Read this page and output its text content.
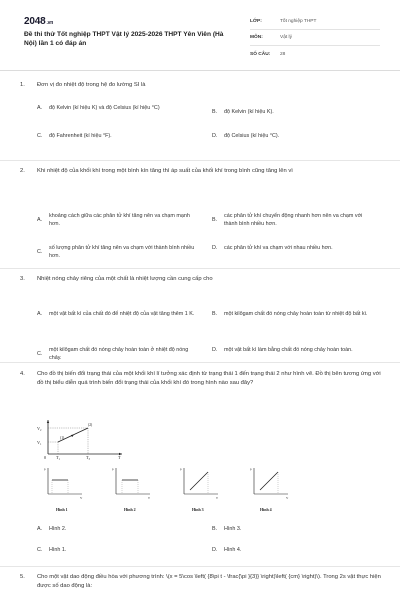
2048.vn
Đề thi thử Tốt nghiệp THPT Vật lý 2025-2026 THPT Yên Viên (Hà Nội) lần 1 có đáp án
LỚP:	Tốt nghiệp THPT
MÔN:	Vật lý
SỐ CÂU:	28
1.	Đơn vị đo nhiệt độ trong hệ đo lường SI là
A.	độ Kelvin (kí hiệu K) và độ Celsius (kí hiệu °C)
B.	độ Kelvin (kí hiệu K).
C.	độ Fahrenheit (kí hiệu °F).	D.	độ Celsius (kí hiệu °C).
2.	Khi nhiệt độ của khối khí trong một bình kín tăng thì áp suất của khối khí trong bình cũng tăng lên vì
A.
khoảng cách giữa các phân tử khí tăng nên va chạm mạnh hơn.
B.
các phân tử khí chuyển động nhanh hơn nên va chạm với thành bình nhiều hơn.
C.
số lượng phân tử khí tăng nên va chạm với thành bình nhiều hơn.
D.	các phân tử khí va chạm với nhau nhiều hơn.
3.	Nhiệt nóng chảy riêng của một chất là nhiệt lượng cần cung cấp cho
A.	một vật bất kì của chất đó để nhiệt độ của vật tăng thêm 1 K.	B.	một kilôgam chất đó nóng chảy hoàn toàn từ nhiệt độ bất kì.
C.
một kilôgam chất đó nóng chảy hoàn toàn ở nhiệt độ nóng chảy.
D.	một vật bất kì làm bằng chất đó nóng chảy hoàn toàn.
4.	Cho đồ thị biến đổi trạng thái của một khối khí lí tưởng xác định từ trạng thái 1 đến trạng thái 2 như hình vẽ. Đồ thị bên tương ứng với đồ thị biểu diễn quá trình biến đổi trạng thái của khối khí đó trong hình nào sau đây?
V₂
V₁
0 T₁	T₃	T
(1)
(2)
p
V
p
T
p
T
p
V
Hình 1	Hình 2	Hình 3	Hình 4
A.	Hình 2.	B.	Hình 3.
C.	Hình 1.	D.	Hình 4.
5.	Cho một vật dao động điều hòa với phương trình: \(x = 5\cos \left( {8\pi t - \frac{\pi }{3}} \right)\left( {cm} \right)\). Trong 2s vật thực hiện được số dao động là:
